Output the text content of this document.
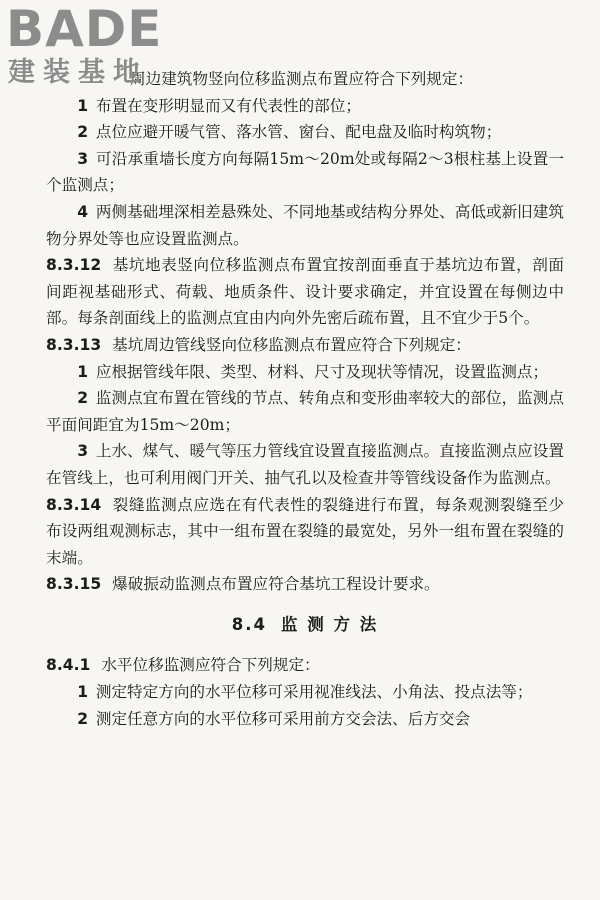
BADE
建装基地

周边建筑物竖向位移监测点布置应符合下列规定：

1 布置在变形明显而又有代表性的部位；

2 点位应避开暖气管、落水管、窗台、配电盘及临时构筑物；

3 可沿承重墙长度方向每隔15m～20m处或每隔2～3根柱基上设置一个监测点；

4 两侧基础埋深相差悬殊处、不同地基或结构分界处、高低或新旧建筑物分界处等也应设置监测点。

8.3.12 基坑地表竖向位移监测点布置宜按剖面垂直于基坑边布置，剖面间距视基础形式、荷载、地质条件、设计要求确定，并宜设置在每侧边中部。每条剖面线上的监测点宜由内向外先密后疏布置，且不宜少于5个。

8.3.13 基坑周边管线竖向位移监测点布置应符合下列规定：

1 应根据管线年限、类型、材料、尺寸及现状等情况，设置监测点；

2 监测点宜布置在管线的节点、转角点和变形曲率较大的部位，监测点平面间距宜为15m～20m；

3 上水、煤气、暖气等压力管线宜设置直接监测点。直接监测点应设置在管线上，也可利用阀门开关、抽气孔以及检查井等管线设备作为监测点。

8.3.14 裂缝监测点应选在有代表性的裂缝进行布置，每条观测裂缝至少布设两组观测标志，其中一组布置在裂缝的最宽处，另外一组布置在裂缝的末端。

8.3.15 爆破振动监测点布置应符合基坑工程设计要求。

8.4 监 测 方 法

8.4.1 水平位移监测应符合下列规定：

1 测定特定方向的水平位移可采用视准线法、小角法、投点法等；

2 测定任意方向的水平位移可采用前方交会法、后方交会
